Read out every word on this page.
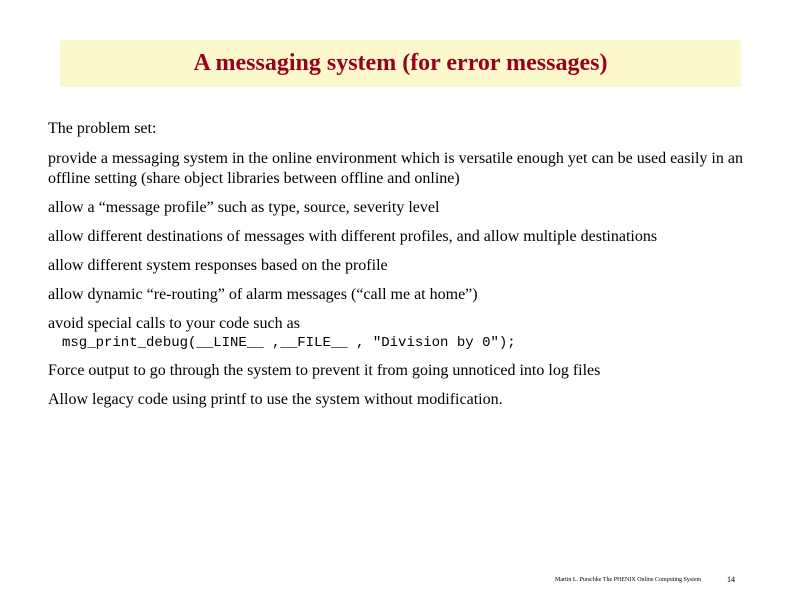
A messaging system (for error messages)

The problem set:

provide a messaging system in the online environment which is versatile enough yet can be used easily in an offline setting (share object libraries between offline and online)

allow a “message profile” such as type, source, severity level

allow different destinations of messages with different profiles, and allow multiple destinations

allow different system responses based on the profile

allow dynamic “re-routing” of alarm messages (“call me at home”)

avoid special calls to your code such as

msg_print_debug(__LINE__ ,__FILE__ , "Division by 0");

Force output to go through the system to prevent it from going unnoticed into log files

Allow legacy code using printf to use the system without modification.

Martin L. Purschke The PHENIX Online Computing System	14
